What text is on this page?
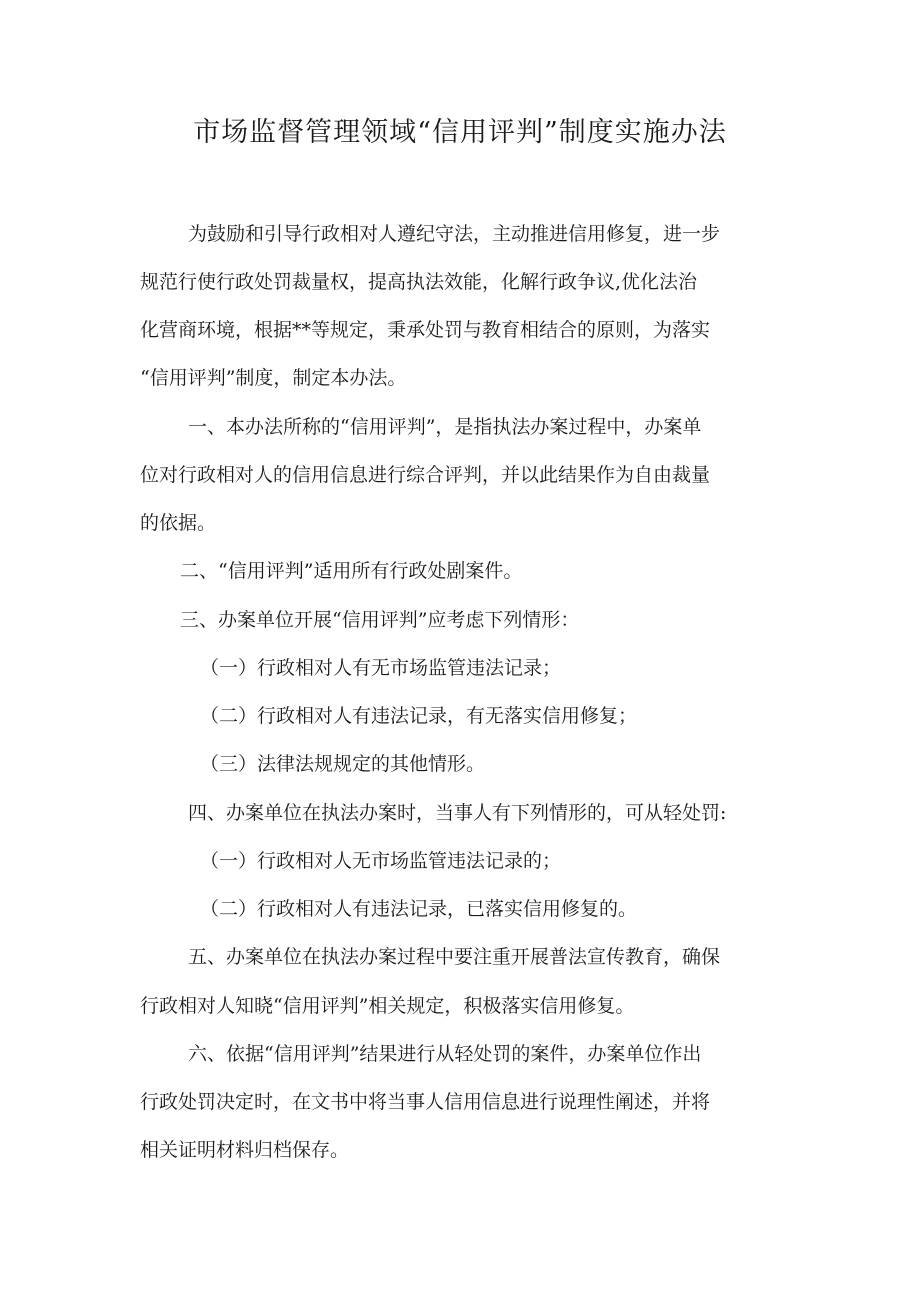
市场监督管理领域“信用评判”制度实施办法
为鼓励和引导行政相对人遵纪守法，主动推进信用修复，进一步
规范行使行政处罚裁量权，提高执法效能，化解行政争议,优化法治
化营商环境，根据**等规定，秉承处罚与教育相结合的原则，为落实
“信用评判”制度，制定本办法。
一、本办法所称的“信用评判”，是指执法办案过程中，办案单
位对行政相对人的信用信息进行综合评判，并以此结果作为自由裁量
的依据。
二、“信用评判”适用所有行政处剧案件。
三、办案单位开展“信用评判”应考虑下列情形：
（一）行政相对人有无市场监管违法记录；
（二）行政相对人有违法记录，有无落实信用修复；
（三）法律法规规定的其他情形。
四、办案单位在执法办案时，当事人有下列情形的，可从轻处罚:
（一）行政相对人无市场监管违法记录的；
（二）行政相对人有违法记录，已落实信用修复的。
五、办案单位在执法办案过程中要注重开展普法宣传教育，确保
行政相对人知晓“信用评判”相关规定，积极落实信用修复。
六、依据“信用评判”结果进行从轻处罚的案件，办案单位作出
行政处罚决定时，在文书中将当事人信用信息进行说理性阐述，并将
相关证明材料归档保存。
